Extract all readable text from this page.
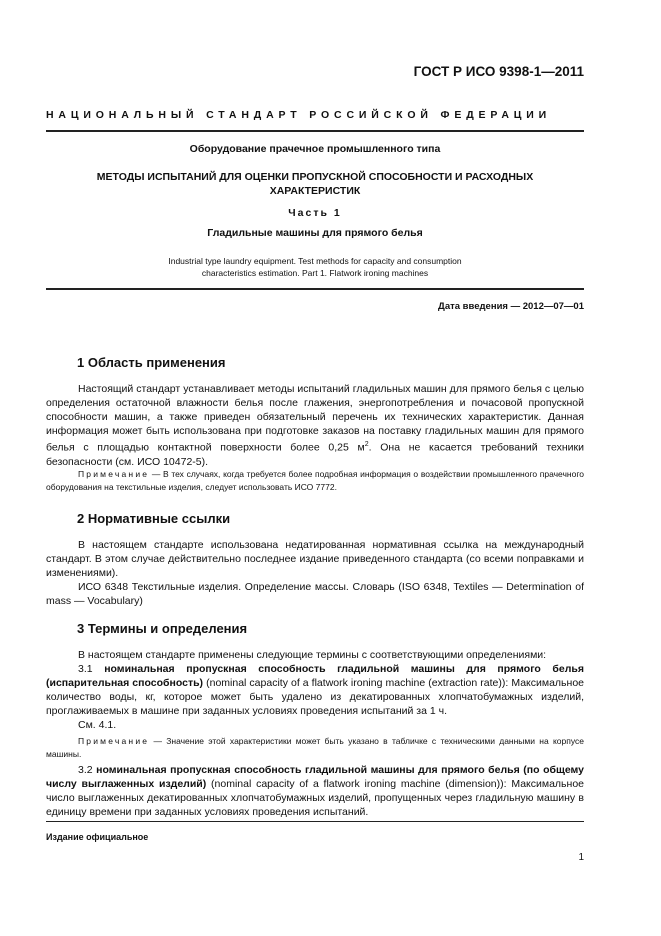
ГОСТ Р ИСО 9398-1—2011
НАЦИОНАЛЬНЫЙ СТАНДАРТ РОССИЙСКОЙ ФЕДЕРАЦИИ
Оборудование прачечное промышленного типа
МЕТОДЫ ИСПЫТАНИЙ ДЛЯ ОЦЕНКИ ПРОПУСКНОЙ СПОСОБНОСТИ И РАСХОДНЫХ
ХАРАКТЕРИСТИК
Часть 1
Гладильные машины для прямого белья
Industrial type laundry equipment. Test methods for capacity and consumption
characteristics estimation. Part 1. Flatwork ironing machines
Дата введения — 2012—07—01
1 Область применения

Настоящий стандарт устанавливает методы испытаний гладильных машин для прямого белья с целью определения остаточной влажности белья после глажения, энергопотребления и почасовой пропускной способности машин, а также приведен обязательный перечень их технических характеристик. Данная информация может быть использована при подготовке заказов на поставку гладильных машин для прямого белья с площадью контактной поверхности более 0,25 $м^2$. Она не касается требований техники безопасности (см. ИСО 10472-5).

Примечание — В тех случаях, когда требуется более подробная информация о воздействии промышленного прачечного оборудования на текстильные изделия, следует использовать ИСО 7772.

2 Нормативные ссылки

В настоящем стандарте использована недатированная нормативная ссылка на международный стандарт. В этом случае действительно последнее издание приведенного стандарта (со всеми поправками и изменениями).

ИСО 6348 Текстильные изделия. Определение массы. Словарь (ISO 6348, Textiles — Determination of mass — Vocabulary)

3 Термины и определения

В настоящем стандарте применены следующие термины с соответствующими определениями:

3.1 номинальная пропускная способность гладильной машины для прямого белья (испарительная способность) (nominal capacity of a flatwork ironing machine (extraction rate)): Максимальное количество воды, кг, которое может быть удалено из декатированных хлопчатобумажных изделий, проглаживаемых в машине при заданных условиях проведения испытаний за 1 ч.

См. 4.1.

Примечание — Значение этой характеристики может быть указано в табличке с техническими данными на корпусе машины.

3.2 номинальная пропускная способность гладильной машины для прямого белья (по общему числу выглаженных изделий) (nominal capacity of a flatwork ironing machine (dimension)): Максимальное число выглаженных декатированных хлопчатобумажных изделий, пропущенных через гладильную машину в единицу времени при заданных условиях проведения испытаний.

Издание официальное
1
